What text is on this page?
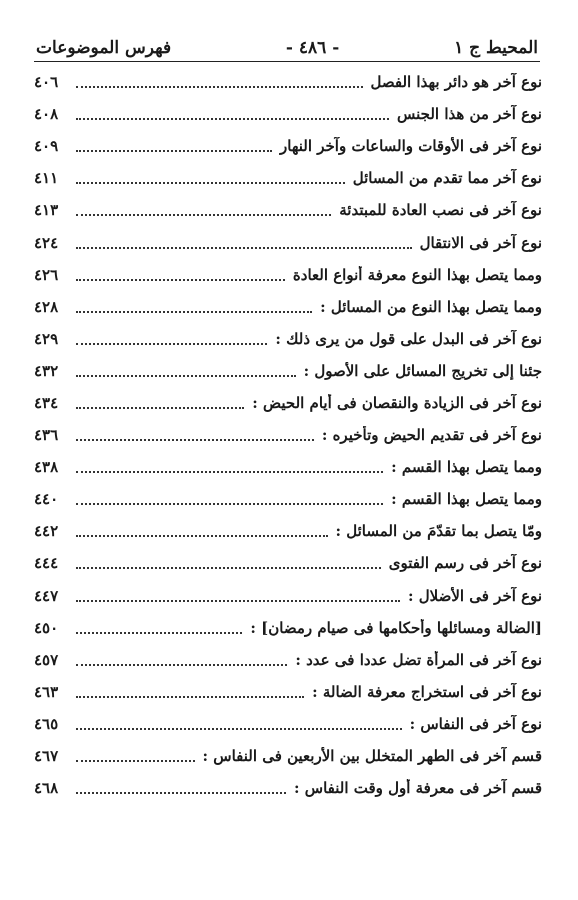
المحيط ج ١
- ٤٨٦ -
فهرس الموضوعات
نوع آخر هو دائر بهذا الفصل
٤٠٦
نوع آخر من هذا الجنس
٤٠٨
نوع آخر فى الأوقات والساعات وآخر النهار
٤٠٩
نوع آخر مما تقدم من المسائل
٤١١
نوع آخر فى نصب العادة للمبتدئة
٤١٣
نوع آخر فى الانتقال
٤٢٤
ومما يتصل بهذا النوع معرفة أنواع العادة
٤٢٦
ومما يتصل بهذا النوع من المسائل :
٤٢٨
نوع آخر فى البدل على قول من يرى ذلك :
٤٢٩
جئنا إلى تخريج المسائل على الأصول :
٤٣٢
نوع آخر فى الزيادة والنقصان فى أيام الحيض :
٤٣٤
نوع آخر فى تقديم الحيض وتأخيره :
٤٣٦
ومما يتصل بهذا القسم :
٤٣٨
ومما يتصل بهذا القسم :
٤٤٠
ومّا يتصل بما تقدّمَ من المسائل :
٤٤٢
نوع آخر فى رسم الفتوى
٤٤٤
نوع آخر فى الأضلال :
٤٤٧
[الضالة ومسائلها وأحكامها فى صيام رمضان] :
٤٥٠
نوع آخر فى المرأة تضل عددا فى عدد :
٤٥٧
نوع آخر فى استخراج معرفة الضالة :
٤٦٣
نوع آخر فى النفاس :
٤٦٥
قسم آخر فى الطهر المتخلل بين الأربعين فى النفاس :
٤٦٧
قسم آخر فى معرفة أول وقت النفاس :
٤٦٨
